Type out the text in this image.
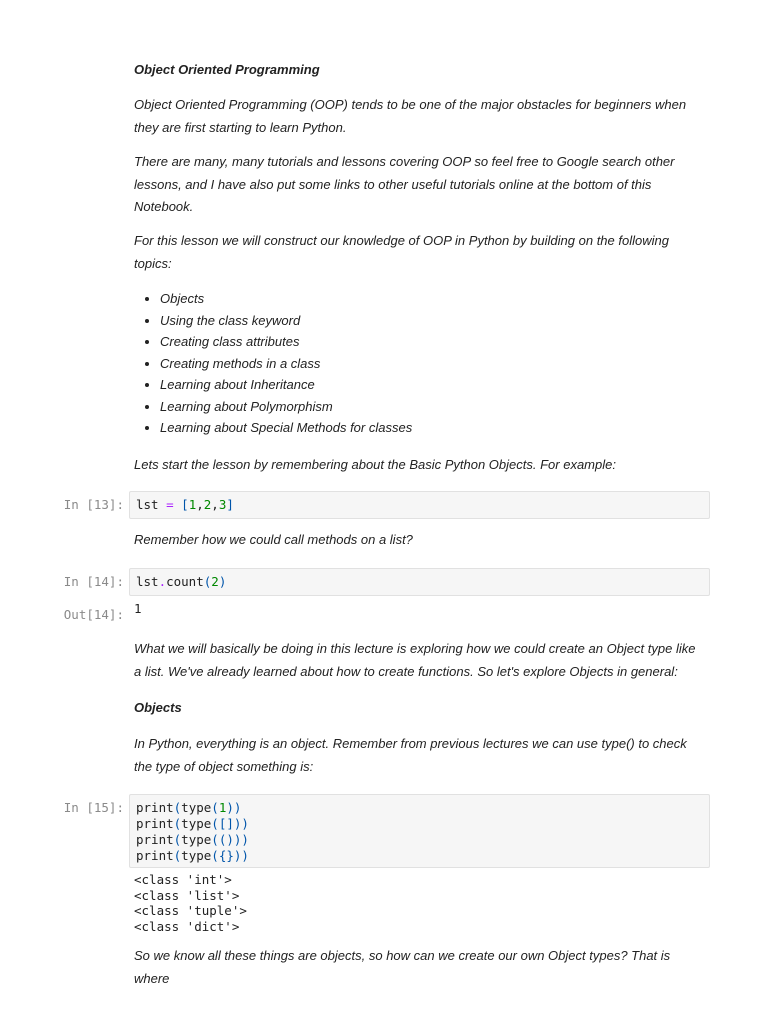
Object Oriented Programming

Object Oriented Programming (OOP) tends to be one of the major obstacles for beginners when they are first starting to learn Python.

There are many, many tutorials and lessons covering OOP so feel free to Google search other lessons, and I have also put some links to other useful tutorials online at the bottom of this Notebook.

For this lesson we will construct our knowledge of OOP in Python by building on the following topics:

• Objects
• Using the class keyword
• Creating class attributes
• Creating methods in a class
• Learning about Inheritance
• Learning about Polymorphism
• Learning about Special Methods for classes

Lets start the lesson by remembering about the Basic Python Objects. For example:

In [13]: lst = [1,2,3]

Remember how we could call methods on a list?

In [14]: lst.count(2)
Out[14]: 1

What we will basically be doing in this lecture is exploring how we could create an Object type like a list. We've already learned about how to create functions. So let's explore Objects in general:

Objects

In Python, everything is an object. Remember from previous lectures we can use type() to check the type of object something is:

In [15]: print(type(1))
print(type([]))
print(type(()))
print(type({}))
<class 'int'>
<class 'list'>
<class 'tuple'>
<class 'dict'>

So we know all these things are objects, so how can we create our own Object types? That is where
